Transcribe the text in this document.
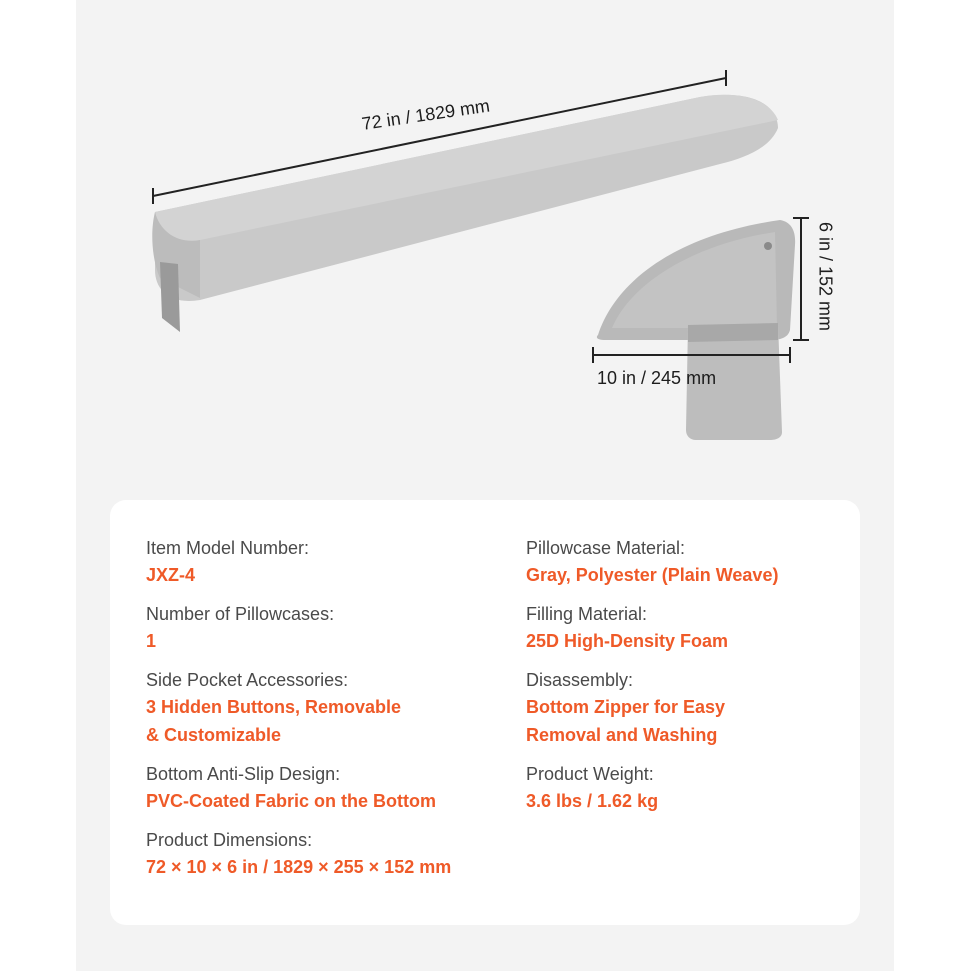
72 in / 1829 mm
10 in / 245 mm
6 in / 152 mm
Item Model Number:
JXZ-4
Number of Pillowcases:
1
Side Pocket Accessories:
3 Hidden Buttons, Removable
& Customizable
Bottom Anti-Slip Design:
PVC-Coated Fabric on the Bottom
Product Dimensions:
72 × 10 × 6 in / 1829 × 255 × 152 mm
Pillowcase Material:
Gray, Polyester (Plain Weave)
Filling Material:
25D High-Density Foam
Disassembly:
Bottom Zipper for Easy
Removal and Washing
Product Weight:
3.6 lbs / 1.62 kg
